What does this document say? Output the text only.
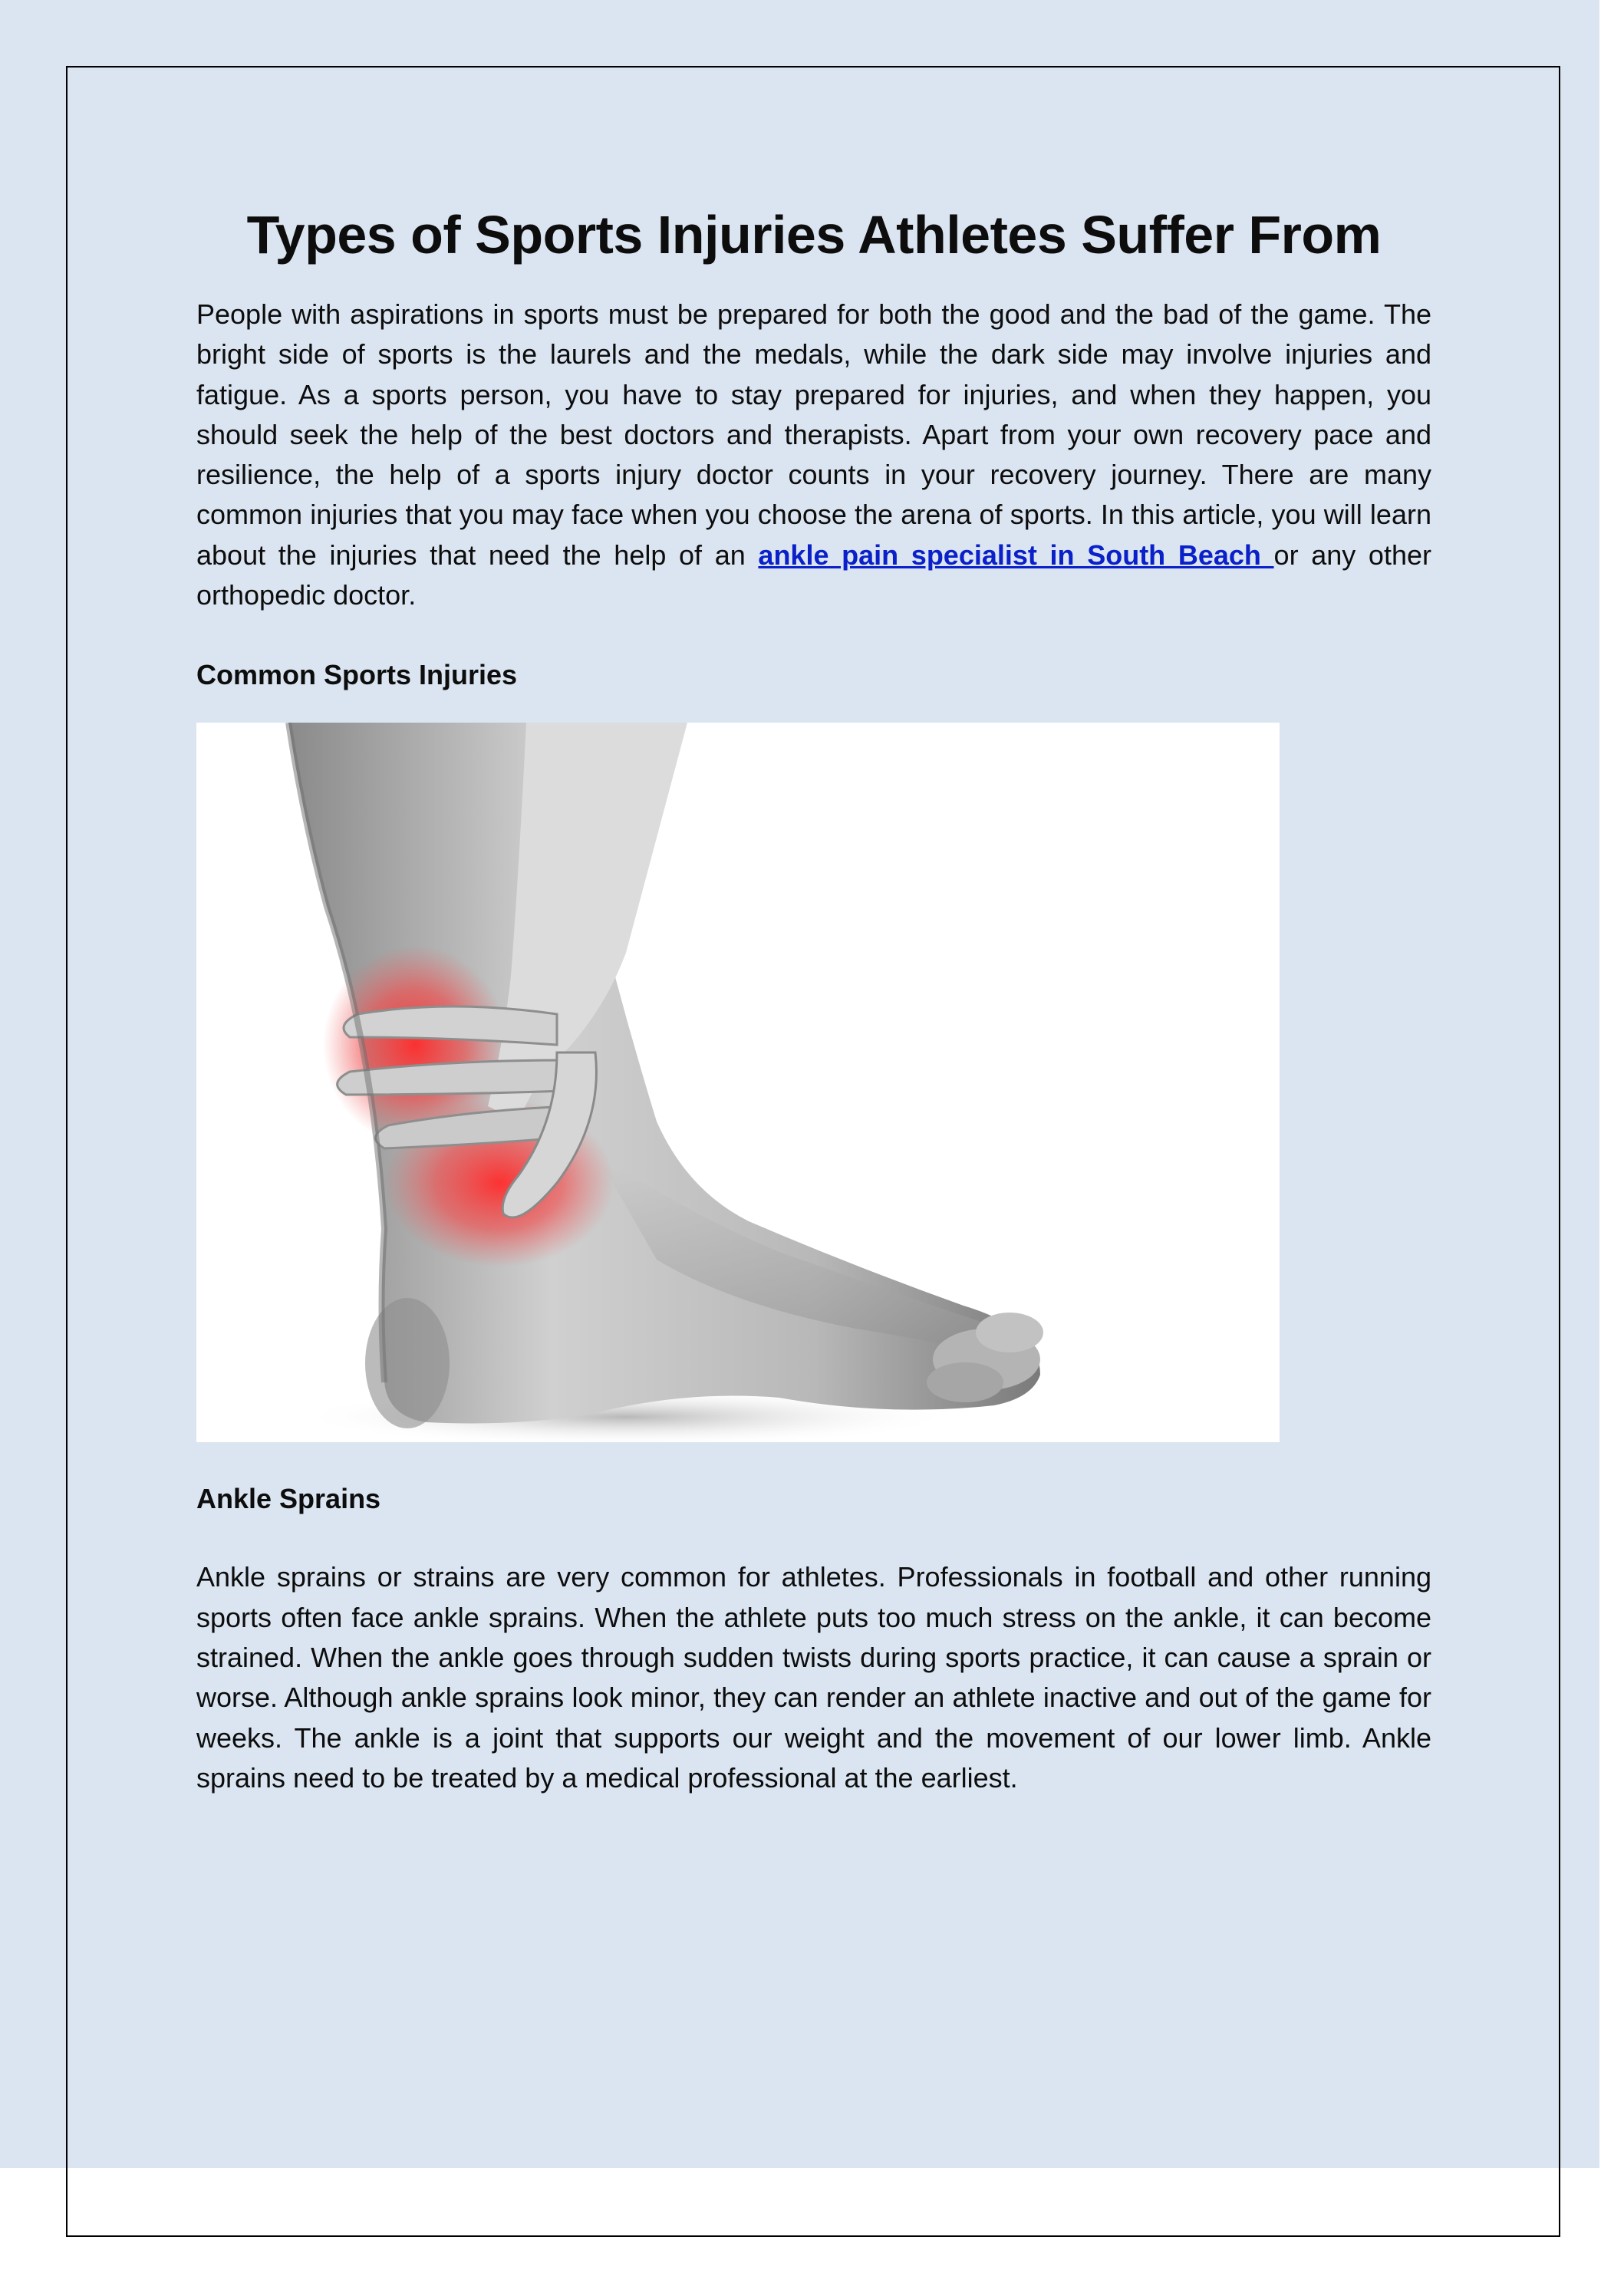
Types of Sports Injuries Athletes Suffer From

People with aspirations in sports must be prepared for both the good and the bad of the game. The bright side of sports is the laurels and the medals, while the dark side may involve injuries and fatigue. As a sports person, you have to stay prepared for injuries, and when they happen, you should seek the help of the best doctors and therapists. Apart from your own recovery pace and resilience, the help of a sports injury doctor counts in your recovery journey. There are many common injuries that you may face when you choose the arena of sports. In this article, you will learn about the injuries that need the help of an ankle pain specialist in South Beach or any other orthopedic doctor.

Common Sports Injuries
Ankle Sprains

Ankle sprains or strains are very common for athletes. Professionals in football and other running sports often face ankle sprains. When the athlete puts too much stress on the ankle, it can become strained. When the ankle goes through sudden twists during sports practice, it can cause a sprain or worse. Although ankle sprains look minor, they can render an athlete inactive and out of the game for weeks. The ankle is a joint that supports our weight and the movement of our lower limb. Ankle sprains need to be treated by a medical professional at the earliest.
